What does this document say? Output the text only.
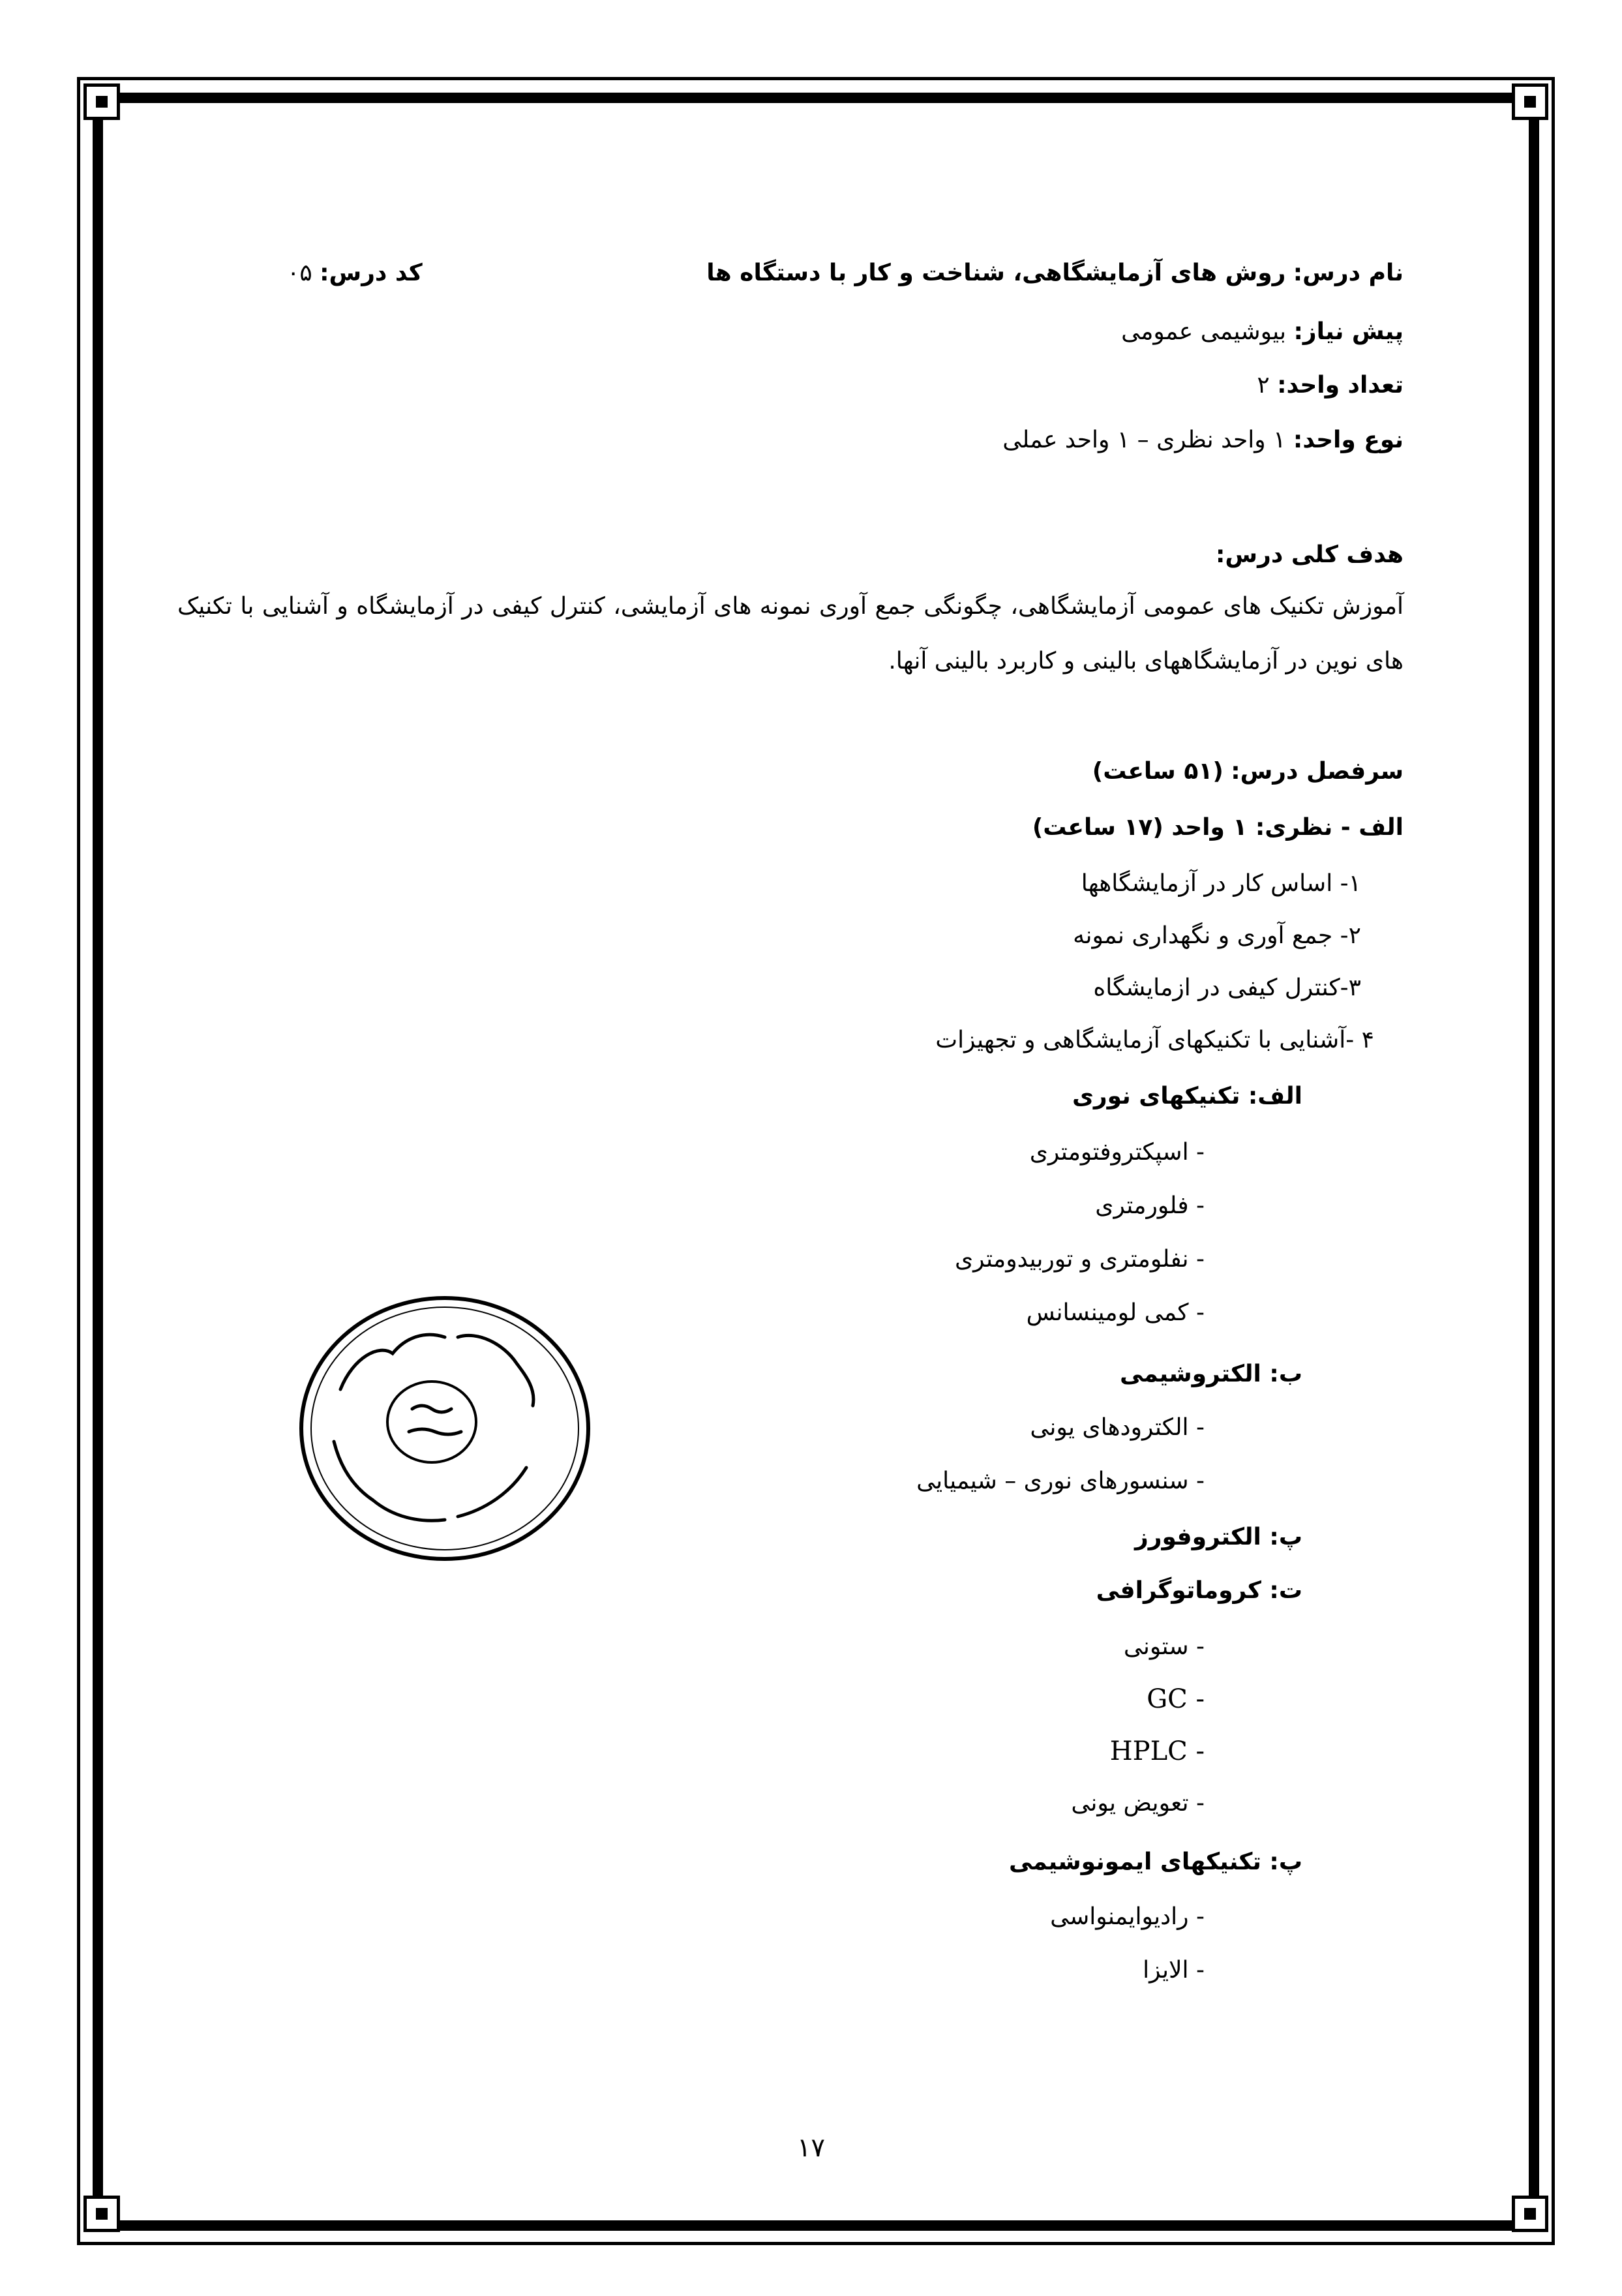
نام درس: روش های آزمایشگاهی، شناخت و کار با دستگاه ها
کد درس: ۰۵
پیش نیاز: بیوشیمی عمومی
تعداد واحد: ۲
نوع واحد: ۱ واحد نظری – ۱ واحد عملی
هدف کلی درس:
آموزش تکنیک های عمومی آزمایشگاهی، چگونگی جمع آوری نمونه های آزمایشی، کنترل کیفی در آزمایشگاه و آشنایی با تکنیک های نوین در آزمایشگاههای بالینی و کاربرد بالینی آنها.
سرفصل درس: (۵۱ ساعت)
الف - نظری: ۱ واحد (۱۷ ساعت)
۱- اساس کار در آزمایشگاهها
۲- جمع آوری و نگهداری نمونه
۳-کنترل کیفی در ازمایشگاه
۴ -آشنایی با تکنیکهای آزمایشگاهی و تجهیزات
الف: تکنیکهای نوری
- اسپکتروفتومتری
- فلورمتری
- نفلومتری و توربیدومتری
- کمی لومینسانس
ب: الکتروشیمی
- الکترودهای یونی
- سنسورهای نوری – شیمیایی
پ: الکتروفورز
ت: کروماتوگرافی
- ستونی
GC -
HPLC -
- تعویض یونی
پ: تکنیکهای ایمونوشیمی
- رادیوایمنواسی
- الایزا
۱۷
